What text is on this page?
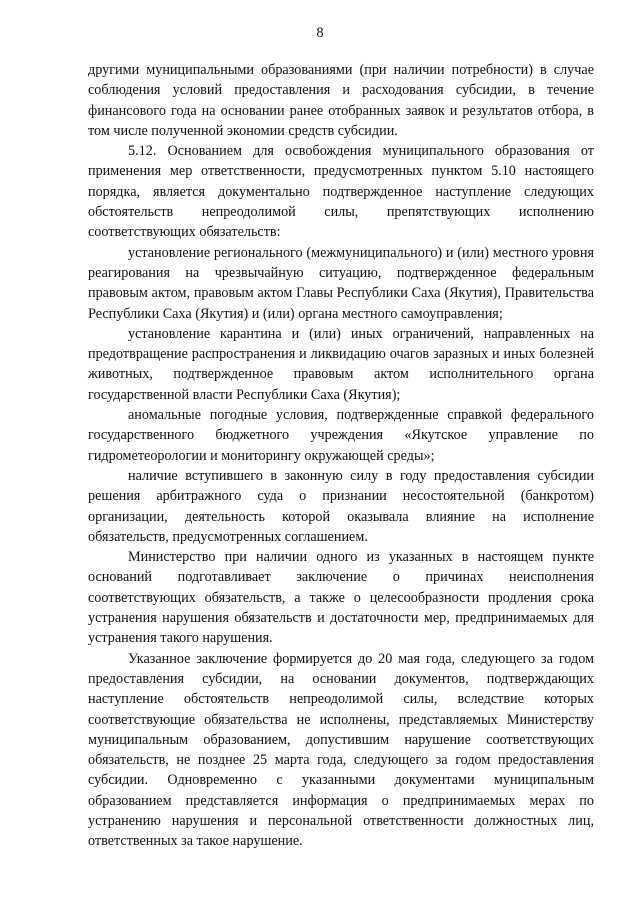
8

другими муниципальными образованиями (при наличии потребности) в случае соблюдения условий предоставления и расходования субсидии, в течение финансового года на основании ранее отобранных заявок и результатов отбора, в том числе полученной экономии средств субсидии.

5.12. Основанием для освобождения муниципального образования от применения мер ответственности, предусмотренных пунктом 5.10 настоящего порядка, является документально подтвержденное наступление следующих обстоятельств непреодолимой силы, препятствующих исполнению соответствующих обязательств:

установление регионального (межмуниципального) и (или) местного уровня реагирования на чрезвычайную ситуацию, подтвержденное федеральным правовым актом, правовым актом Главы Республики Саха (Якутия), Правительства Республики Саха (Якутия) и (или) органа местного самоуправления;

установление карантина и (или) иных ограничений, направленных на предотвращение распространения и ликвидацию очагов заразных и иных болезней животных, подтвержденное правовым актом исполнительного органа государственной власти Республики Саха (Якутия);

аномальные погодные условия, подтвержденные справкой федерального государственного бюджетного учреждения «Якутское управление по гидрометеорологии и мониторингу окружающей среды»;

наличие вступившего в законную силу в году предоставления субсидии решения арбитражного суда о признании несостоятельной (банкротом) организации, деятельность которой оказывала влияние на исполнение обязательств, предусмотренных соглашением.

Министерство при наличии одного из указанных в настоящем пункте оснований подготавливает заключение о причинах неисполнения соответствующих обязательств, а также о целесообразности продления срока устранения нарушения обязательств и достаточности мер, предпринимаемых для устранения такого нарушения.

Указанное заключение формируется до 20 мая года, следующего за годом предоставления субсидии, на основании документов, подтверждающих наступление обстоятельств непреодолимой силы, вследствие которых соответствующие обязательства не исполнены, представляемых Министерству муниципальным образованием, допустившим нарушение соответствующих обязательств, не позднее 25 марта года, следующего за годом предоставления субсидии. Одновременно с указанными документами муниципальным образованием представляется информация о предпринимаемых мерах по устранению нарушения и персональной ответственности должностных лиц, ответственных за такое нарушение.
